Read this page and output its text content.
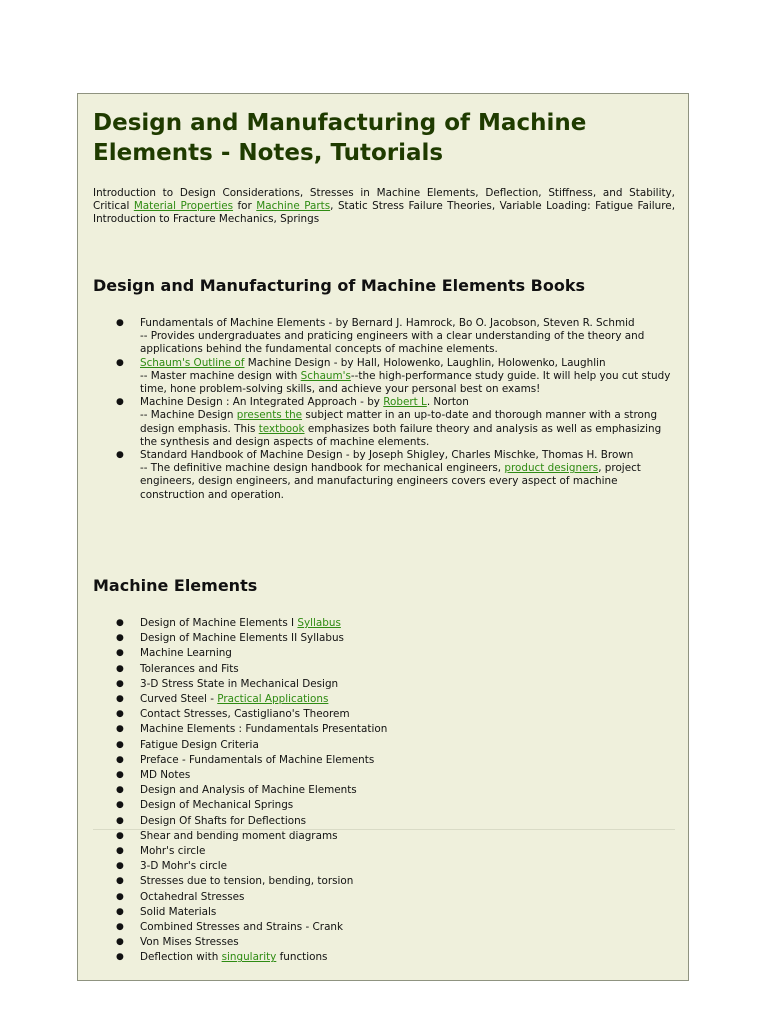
Design and Manufacturing of Machine Elements - Notes, Tutorials
Introduction to Design Considerations, Stresses in Machine Elements, Deflection, Stiffness, and Stability, Critical Material Properties for Machine Parts, Static Stress Failure Theories, Variable Loading: Fatigue Failure, Introduction to Fracture Mechanics, Springs
Design and Manufacturing of Machine Elements Books
● Fundamentals of Machine Elements - by Bernard J. Hamrock, Bo O. Jacobson, Steven R. Schmid
-- Provides undergraduates and praticing engineers with a clear understanding of the theory and applications behind the fundamental concepts of machine elements.
● Schaum's Outline of Machine Design - by Hall, Holowenko, Laughlin, Holowenko, Laughlin
-- Master machine design with Schaum's--the high-performance study guide. It will help you cut study time, hone problem-solving skills, and achieve your personal best on exams!
● Machine Design : An Integrated Approach - by Robert L. Norton
-- Machine Design presents the subject matter in an up-to-date and thorough manner with a strong design emphasis. This textbook emphasizes both failure theory and analysis as well as emphasizing the synthesis and design aspects of machine elements.
● Standard Handbook of Machine Design - by Joseph Shigley, Charles Mischke, Thomas H. Brown
-- The definitive machine design handbook for mechanical engineers, product designers, project engineers, design engineers, and manufacturing engineers covers every aspect of machine construction and operation.
Machine Elements
● Design of Machine Elements I Syllabus
● Design of Machine Elements II Syllabus
● Machine Learning
● Tolerances and Fits
● 3-D Stress State in Mechanical Design
● Curved Steel - Practical Applications
● Contact Stresses, Castigliano's Theorem
● Machine Elements : Fundamentals Presentation
● Fatigue Design Criteria
● Preface - Fundamentals of Machine Elements
● MD Notes
● Design and Analysis of Machine Elements
● Design of Mechanical Springs
● Design Of Shafts for Deflections
● Shear and bending moment diagrams
● Mohr's circle
● 3-D Mohr's circle
● Stresses due to tension, bending, torsion
● Octahedral Stresses
● Solid Materials
● Combined Stresses and Strains - Crank
● Von Mises Stresses
● Deflection with singularity functions
